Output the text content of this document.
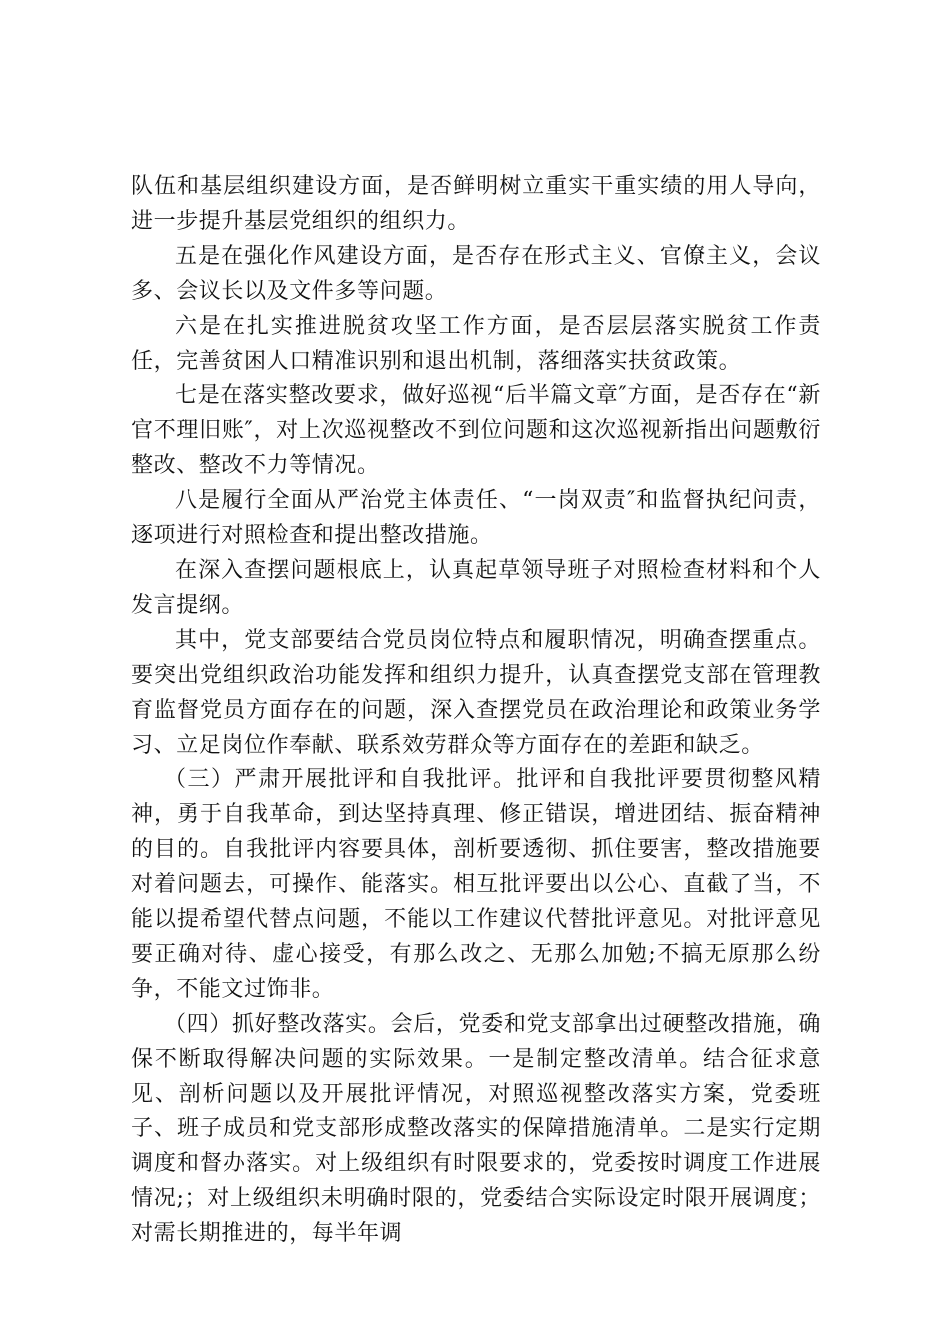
队伍和基层组织建设方面，是否鲜明树立重实干重实绩的用人导向，进一步提升基层党组织的组织力。

五是在强化作风建设方面，是否存在形式主义、官僚主义，会议多、会议长以及文件多等问题。

六是在扎实推进脱贫攻坚工作方面，是否层层落实脱贫工作责任，完善贫困人口精准识别和退出机制，落细落实扶贫政策。

七是在落实整改要求，做好巡视“后半篇文章″方面，是否存在“新官不理旧账″，对上次巡视整改不到位问题和这次巡视新指出问题敷衍整改、整改不力等情况。

八是履行全面从严治党主体责任、“一岗双责″和监督执纪问责，逐项进行对照检查和提出整改措施。

在深入查摆问题根底上，认真起草领导班子对照检查材料和个人发言提纲。

其中，党支部要结合党员岗位特点和履职情况，明确查摆重点。要突出党组织政治功能发挥和组织力提升，认真查摆党支部在管理教育监督党员方面存在的问题，深入查摆党员在政治理论和政策业务学习、立足岗位作奉献、联系效劳群众等方面存在的差距和缺乏。

（三）严肃开展批评和自我批评。批评和自我批评要贯彻整风精神，勇于自我革命，到达坚持真理、修正错误，增进团结、振奋精神的目的。自我批评内容要具体，剖析要透彻、抓住要害，整改措施要对着问题去，可操作、能落实。相互批评要出以公心、直截了当，不能以提希望代替点问题，不能以工作建议代替批评意见。对批评意见要正确对待、虚心接受，有那么改之、无那么加勉;不搞无原那么纷争，不能文过饰非。

（四）抓好整改落实。会后，党委和党支部拿出过硬整改措施，确保不断取得解决问题的实际效果。一是制定整改清单。结合征求意见、剖析问题以及开展批评情况，对照巡视整改落实方案，党委班子、班子成员和党支部形成整改落实的保障措施清单。二是实行定期调度和督办落实。对上级组织有时限要求的，党委按时调度工作进展情况;；对上级组织未明确时限的，党委结合实际设定时限开展调度；对需长期推进的，每半年调
